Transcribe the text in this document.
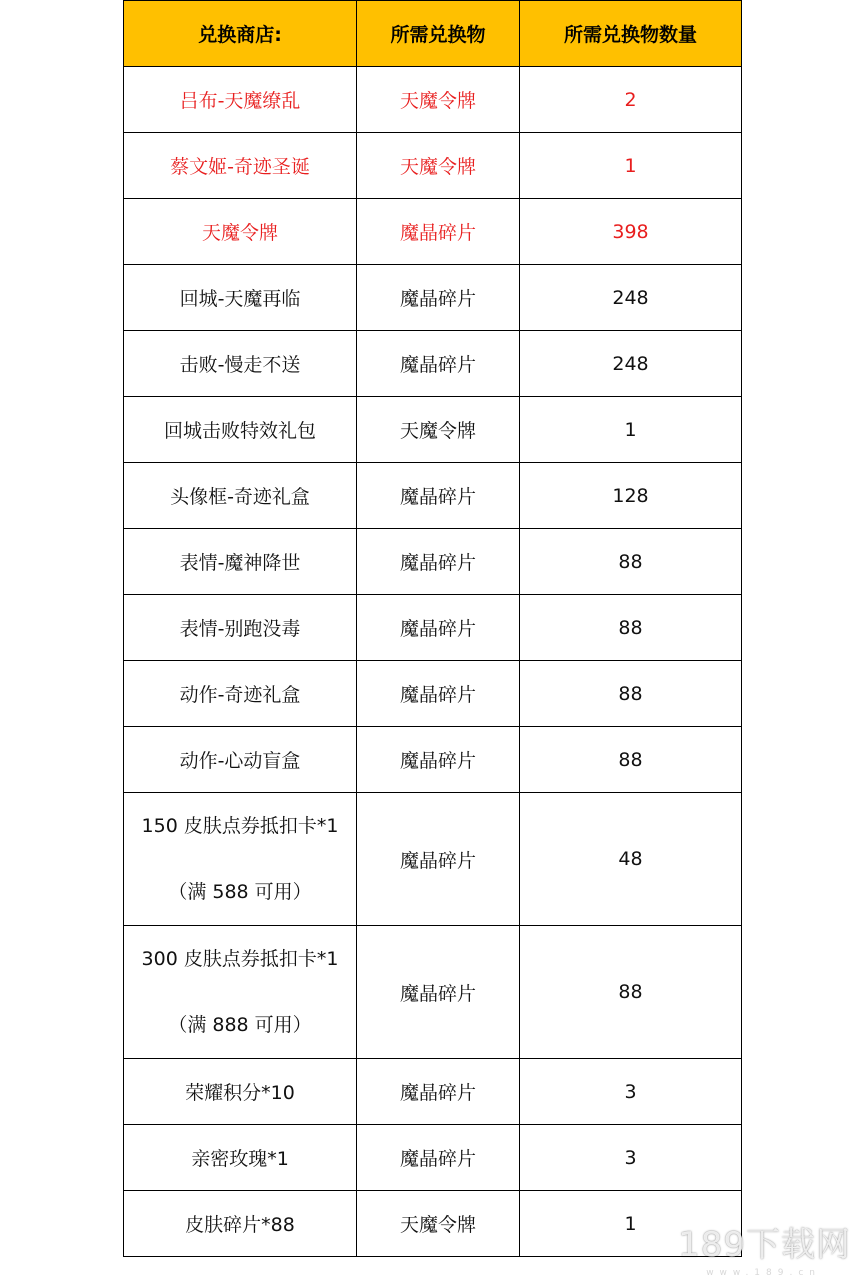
兑换商店:	所需兑换物	所需兑换物数量
吕布-天魔缭乱	天魔令牌	2
蔡文姬-奇迹圣诞	天魔令牌	1
天魔令牌	魔晶碎片	398
回城-天魔再临	魔晶碎片	248
击败-慢走不送	魔晶碎片	248
回城击败特效礼包	天魔令牌	1
头像框-奇迹礼盒	魔晶碎片	128
表情-魔神降世	魔晶碎片	88
表情-别跑没毒	魔晶碎片	88
动作-奇迹礼盒	魔晶碎片	88
动作-心动盲盒	魔晶碎片	88

150 皮肤点券抵扣卡*1
（满 588 可用）	魔晶碎片	48

300 皮肤点券抵扣卡*1
（满 888 可用）	魔晶碎片	88
荣耀积分*10	魔晶碎片	3
亲密玫瑰*1	魔晶碎片	3
皮肤碎片*88	天魔令牌	1
189下载网
www.189.cn
